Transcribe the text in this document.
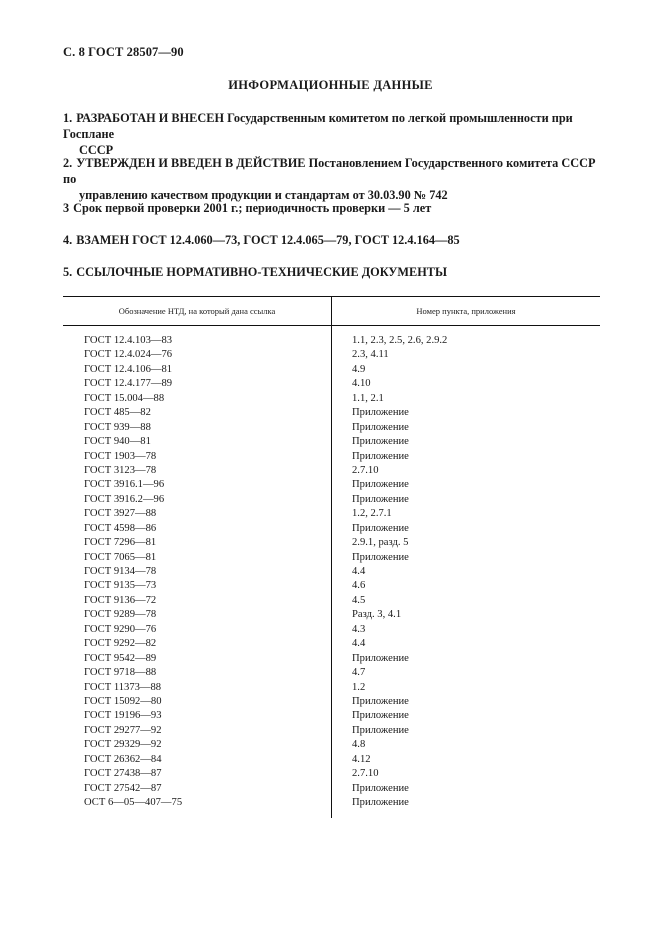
С. 8 ГОСТ 28507—90
ИНФОРМАЦИОННЫЕ ДАННЫЕ
1. РАЗРАБОТАН И ВНЕСЕН Государственным комитетом по легкой промышленности при Госплане
СССР
2. УТВЕРЖДЕН И ВВЕДЕН В ДЕЙСТВИЕ Постановлением Государственного комитета СССР по
управлению качеством продукции и стандартам от 30.03.90 № 742
3 Срок первой проверки 2001 г.; периодичность проверки — 5 лет
4. ВЗАМЕН ГОСТ 12.4.060—73, ГОСТ 12.4.065—79, ГОСТ 12.4.164—85
5. ССЫЛОЧНЫЕ НОРМАТИВНО-ТЕХНИЧЕСКИЕ ДОКУМЕНТЫ
Обозначение НТД, на который дана ссылка	Номер пункта, приложения
ГОСТ 12.4.103—83	1.1, 2.3, 2.5, 2.6, 2.9.2
ГОСТ 12.4.024—76	2.3, 4.11
ГОСТ 12.4.106—81	4.9
ГОСТ 12.4.177—89	4.10
ГОСТ 15.004—88	1.1, 2.1
ГОСТ 485—82	Приложение
ГОСТ 939—88	Приложение
ГОСТ 940—81	Приложение
ГОСТ 1903—78	Приложение
ГОСТ 3123—78	2.7.10
ГОСТ 3916.1—96	Приложение
ГОСТ 3916.2—96	Приложение
ГОСТ 3927—88	1.2, 2.7.1
ГОСТ 4598—86	Приложение
ГОСТ 7296—81	2.9.1, разд. 5
ГОСТ 7065—81	Приложение
ГОСТ 9134—78	4.4
ГОСТ 9135—73	4.6
ГОСТ 9136—72	4.5
ГОСТ 9289—78	Разд. 3, 4.1
ГОСТ 9290—76	4.3
ГОСТ 9292—82	4.4
ГОСТ 9542—89	Приложение
ГОСТ 9718—88	4.7
ГОСТ 11373—88	1.2
ГОСТ 15092—80	Приложение
ГОСТ 19196—93	Приложение
ГОСТ 29277—92	Приложение
ГОСТ 29329—92	4.8
ГОСТ 26362—84	4.12
ГОСТ 27438—87	2.7.10
ГОСТ 27542—87	Приложение
ОСТ 6—05—407—75	Приложение
